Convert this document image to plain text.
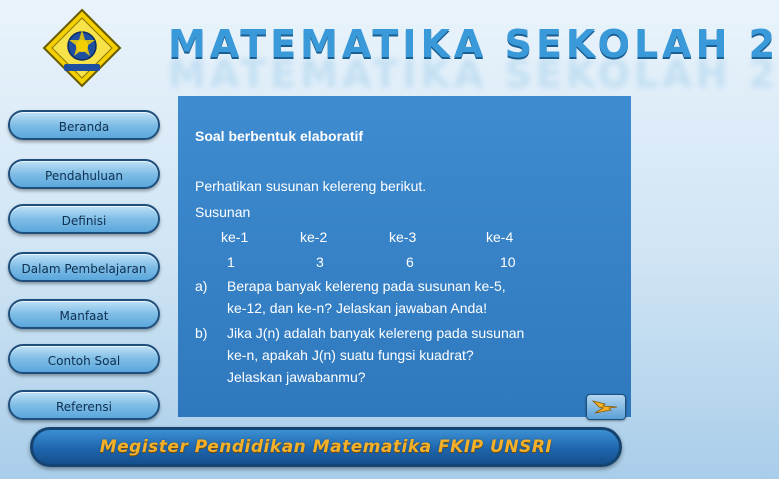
MATEMATIKA SEKOLAH 2
Beranda
Pendahuluan
Definisi
Dalam Pembelajaran
Manfaat
Contoh Soal
Referensi
Soal berbentuk elaboratif
Perhatikan susunan kelereng berikut.
Susunan
ke-1	ke-2	ke-3	ke-4
1	3	6	10
a) Berapa banyak kelereng pada susunan ke-5,
ke-12, dan ke-n? Jelaskan jawaban Anda!
b) Jika J(n) adalah banyak kelereng pada susunan
ke-n, apakah J(n) suatu fungsi kuadrat?
Jelaskan jawabanmu?
Megister Pendidikan Matematika FKIP UNSRI
